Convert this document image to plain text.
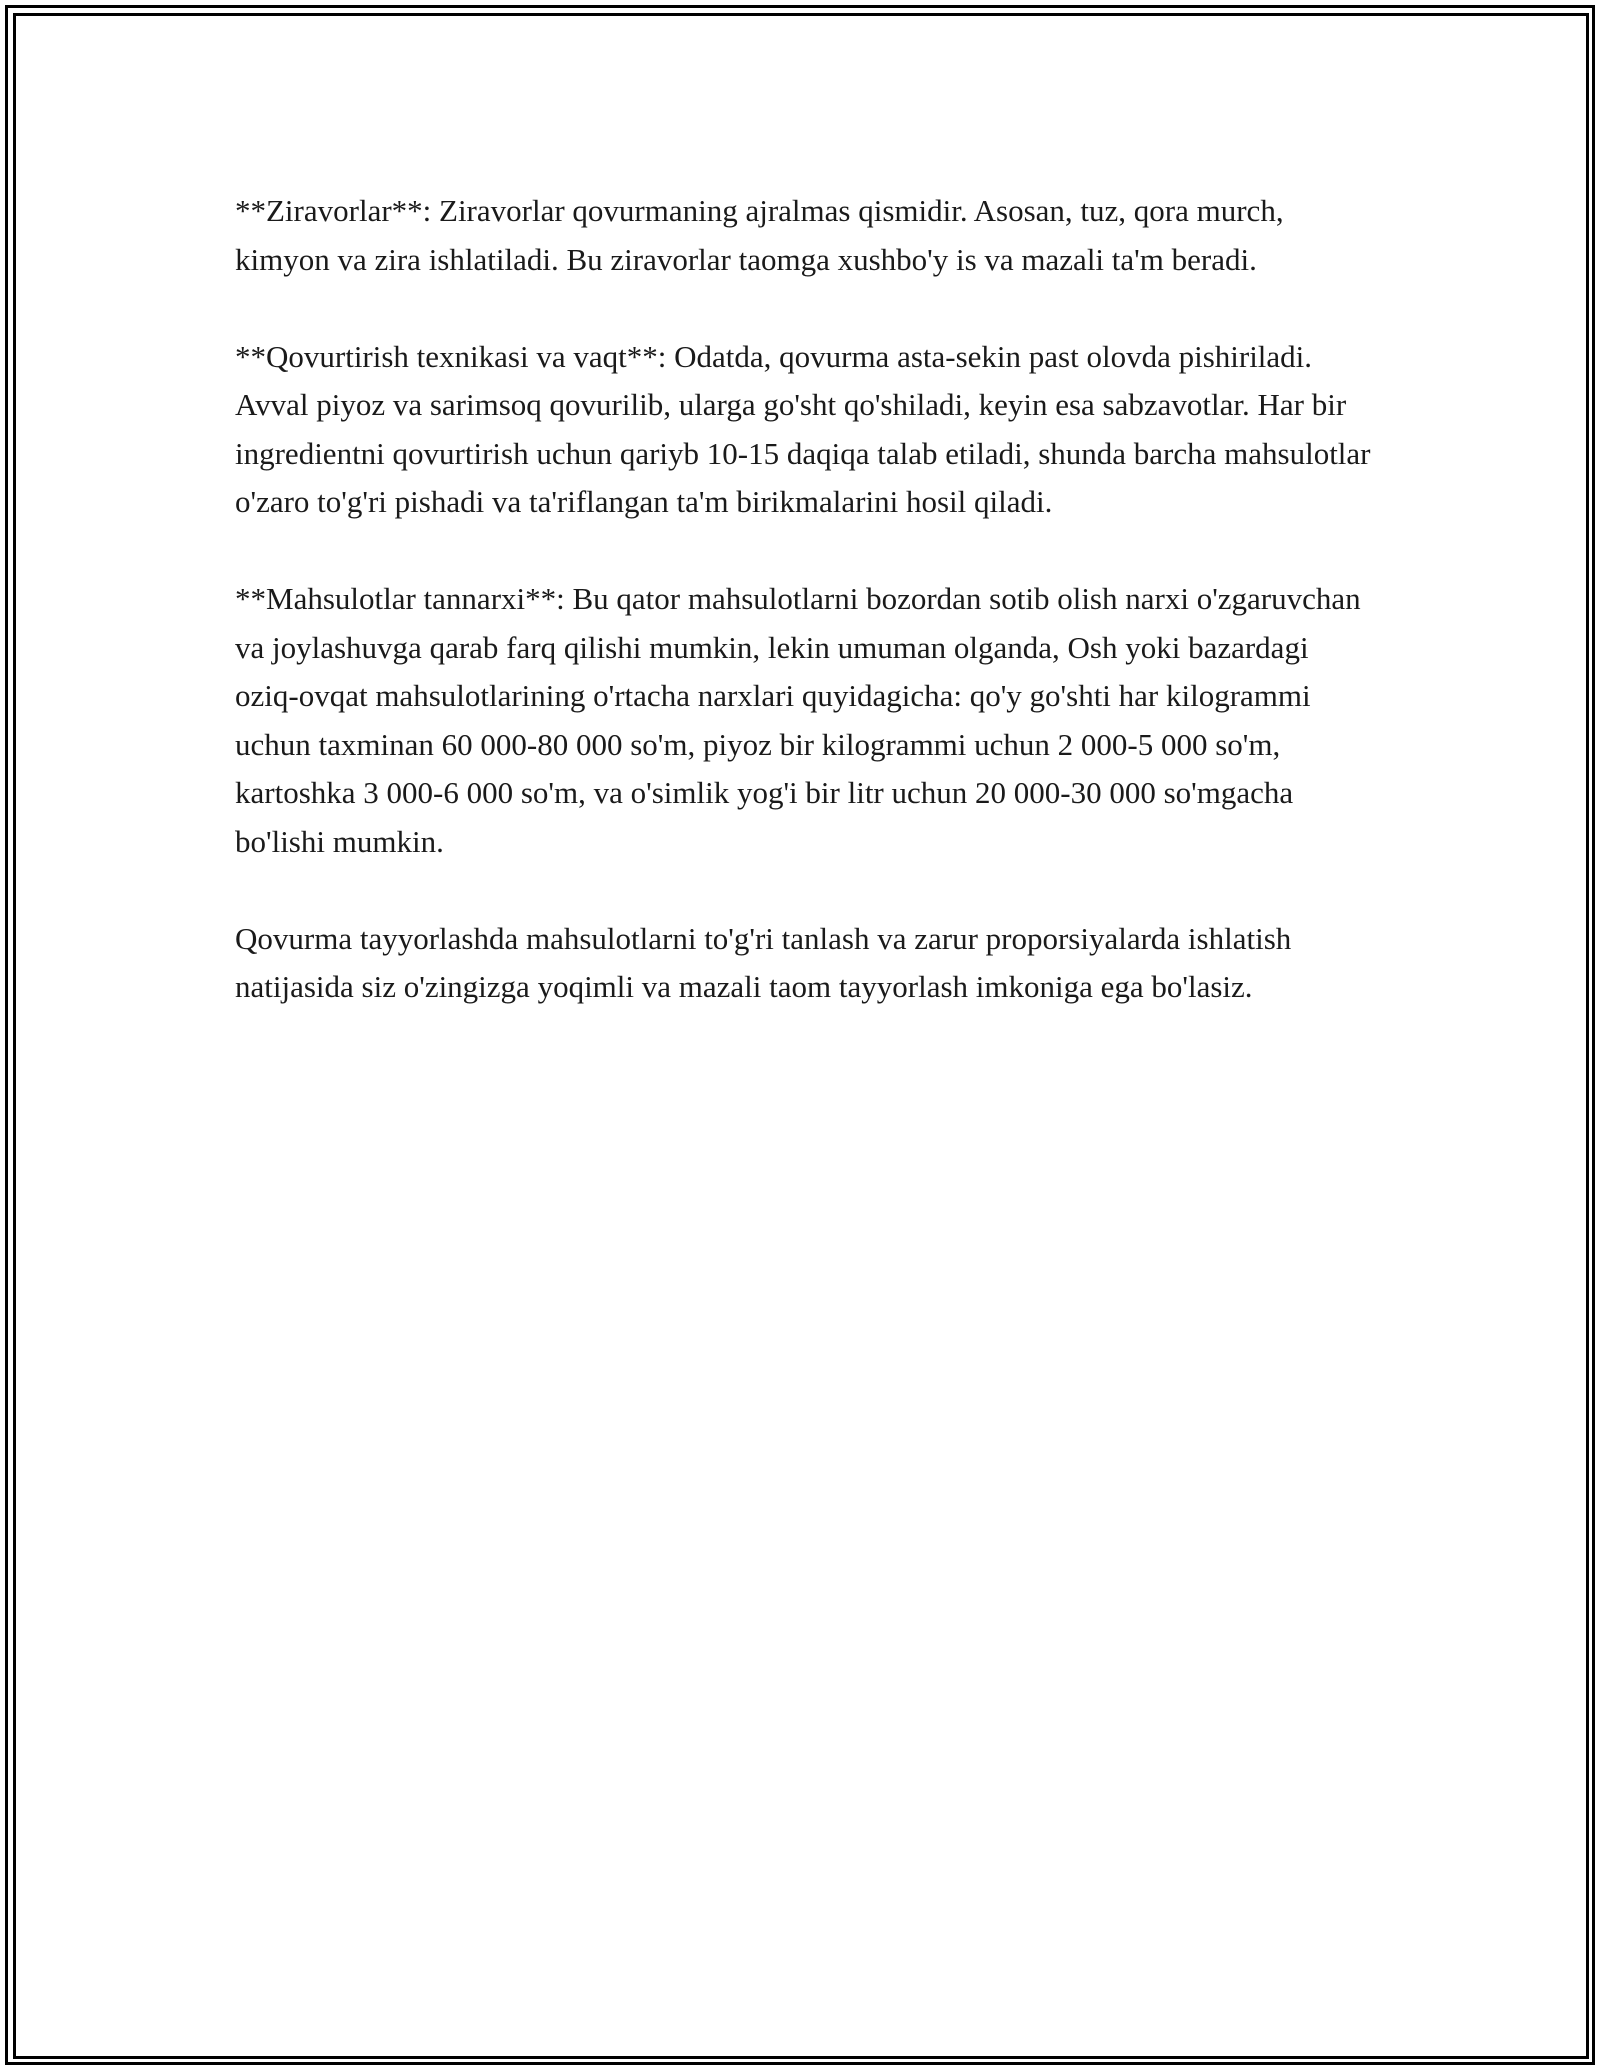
**Ziravorlar**: Ziravorlar qovurmaning ajralmas qismidir. Asosan, tuz, qora murch, kimyon va zira ishlatiladi. Bu ziravorlar taomga xushbo'y is va mazali ta'm beradi.

**Qovurtirish texnikasi va vaqt**: Odatda, qovurma asta-sekin past olovda pishiriladi. Avval piyoz va sarimsoq qovurilib, ularga go'sht qo'shiladi, keyin esa sabzavotlar. Har bir ingredientni qovurtirish uchun qariyb 10-15 daqiqa talab etiladi, shunda barcha mahsulotlar o'zaro to'g'ri pishadi va ta'riflangan ta'm birikmalarini hosil qiladi.

**Mahsulotlar tannarxi**: Bu qator mahsulotlarni bozordan sotib olish narxi o'zgaruvchan va joylashuvga qarab farq qilishi mumkin, lekin umuman olganda, Osh yoki bazardagi oziq-ovqat mahsulotlarining o'rtacha narxlari quyidagicha: qo'y go'shti har kilogrammi uchun taxminan 60 000-80 000 so'm, piyoz bir kilogrammi uchun 2 000-5 000 so'm, kartoshka 3 000-6 000 so'm, va o'simlik yog'i bir litr uchun 20 000-30 000 so'mgacha bo'lishi mumkin.

Qovurma tayyorlashda mahsulotlarni to'g'ri tanlash va zarur proporsiyalarda ishlatish natijasida siz o'zingizga yoqimli va mazali taom tayyorlash imkoniga ega bo'lasiz.
